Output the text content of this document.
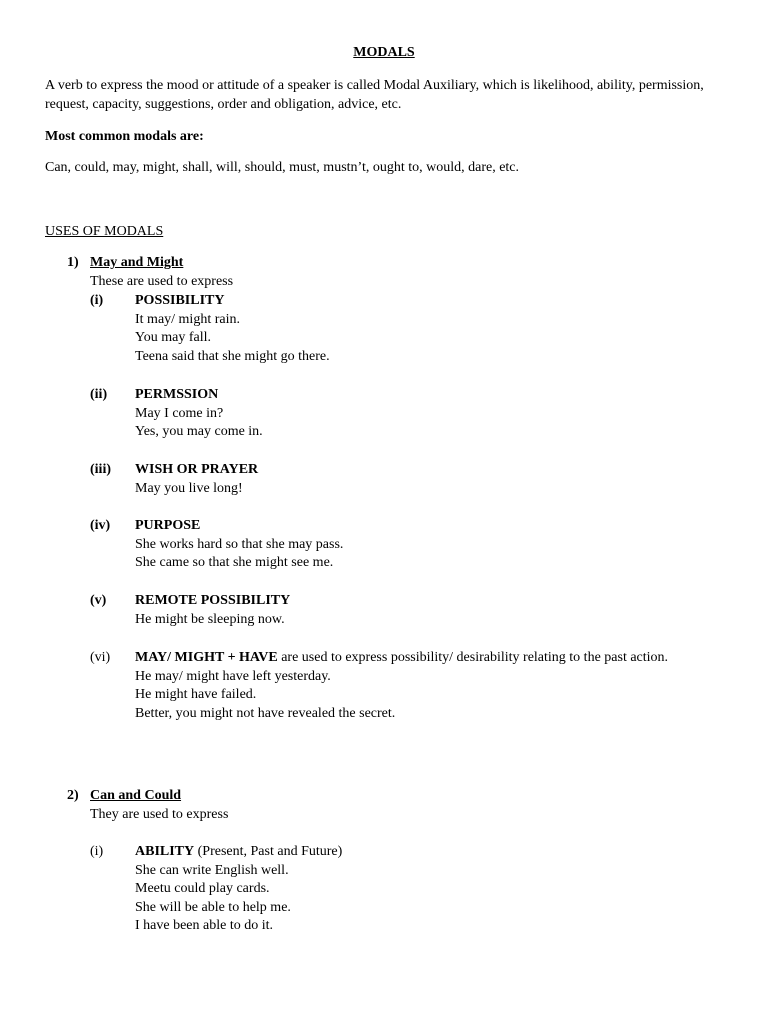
MODALS
A verb to express the mood or attitude of a speaker is called Modal Auxiliary, which is likelihood, ability, permission, request, capacity, suggestions, order and obligation, advice, etc.
Most common modals are:
Can, could, may, might, shall, will, should, must, mustn’t, ought to, would, dare, etc.
USES OF MODALS
1) May and Might
These are used to express
(i) POSSIBILITY
It may/ might rain.
You may fall.
Teena said that she might go there.
(ii) PERMSSION
May I come in?
Yes, you may come in.
(iii) WISH OR PRAYER
May you live long!
(iv) PURPOSE
She works hard so that she may pass.
She came so that she might see me.
(v) REMOTE POSSIBILITY
He might be sleeping now.
(vi) MAY/ MIGHT + HAVE are used to express possibility/ desirability relating to the past action.
He may/ might have left yesterday.
He might have failed.
Better, you might not have revealed the secret.
2) Can and Could
They are used to express
(i) ABILITY (Present, Past and Future)
She can write English well.
Meetu could play cards.
She will be able to help me.
I have been able to do it.
